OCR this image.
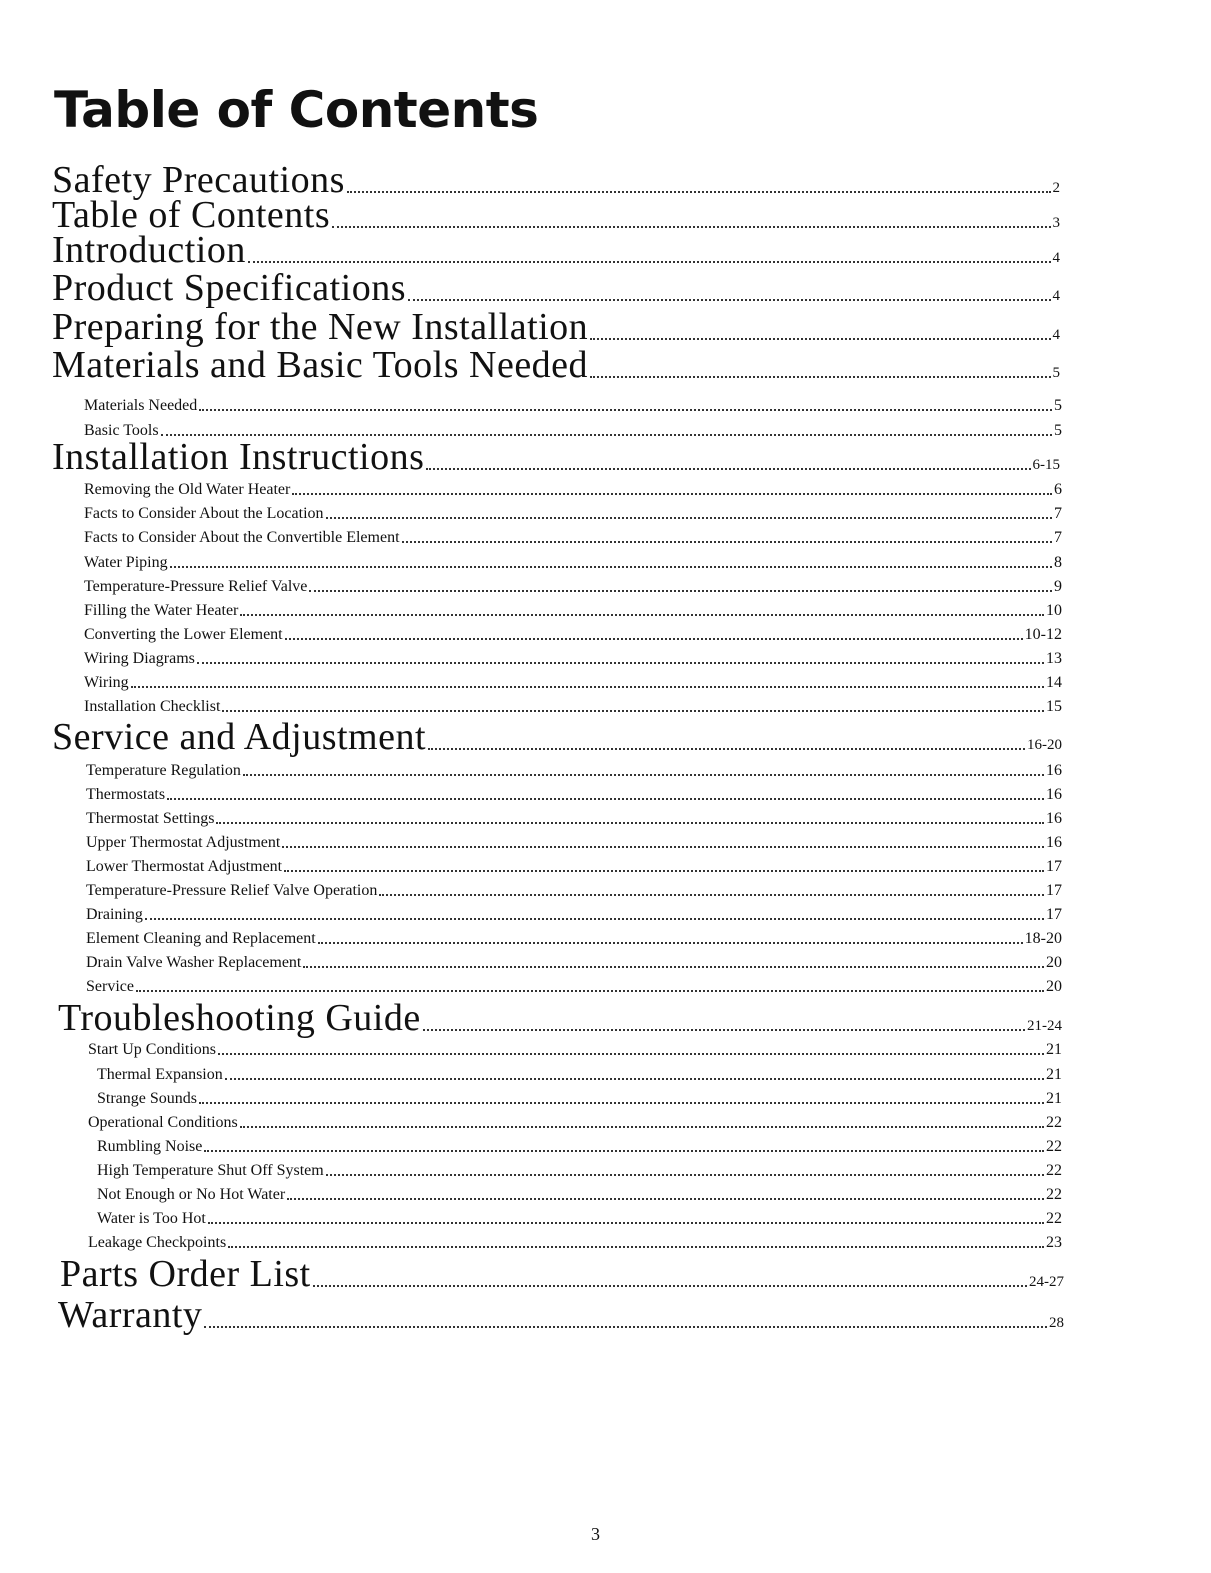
Table of Contents
Safety Precautions	2
Table of Contents	3
Introduction	4
Product Specifications	4
Preparing for the New Installation	4
Materials and Basic Tools Needed	5
Materials Needed	5
Basic Tools	5
Installation Instructions	6-15
Removing the Old Water Heater	6
Facts to Consider About the Location	7
Facts to Consider About the Convertible Element	7
Water Piping	8
Temperature-Pressure Relief Valve	9
Filling the Water Heater	10
Converting the Lower Element	10-12
Wiring Diagrams	13
Wiring	14
Installation Checklist	15
Service and Adjustment	16-20
Temperature Regulation	16
Thermostats	16
Thermostat Settings	16
Upper Thermostat Adjustment	16
Lower Thermostat Adjustment	17
Temperature-Pressure Relief Valve Operation	17
Draining	17
Element Cleaning and Replacement	18-20
Drain Valve Washer Replacement	20
Service	20
Troubleshooting Guide	21-24
Start Up Conditions	21
Thermal Expansion	21
Strange Sounds	21
Operational Conditions	22
Rumbling Noise	22
High Temperature Shut Off System	22
Not Enough or No Hot Water	22
Water is Too Hot	22
Leakage Checkpoints	23
Parts Order List	24-27
Warranty	28
3
